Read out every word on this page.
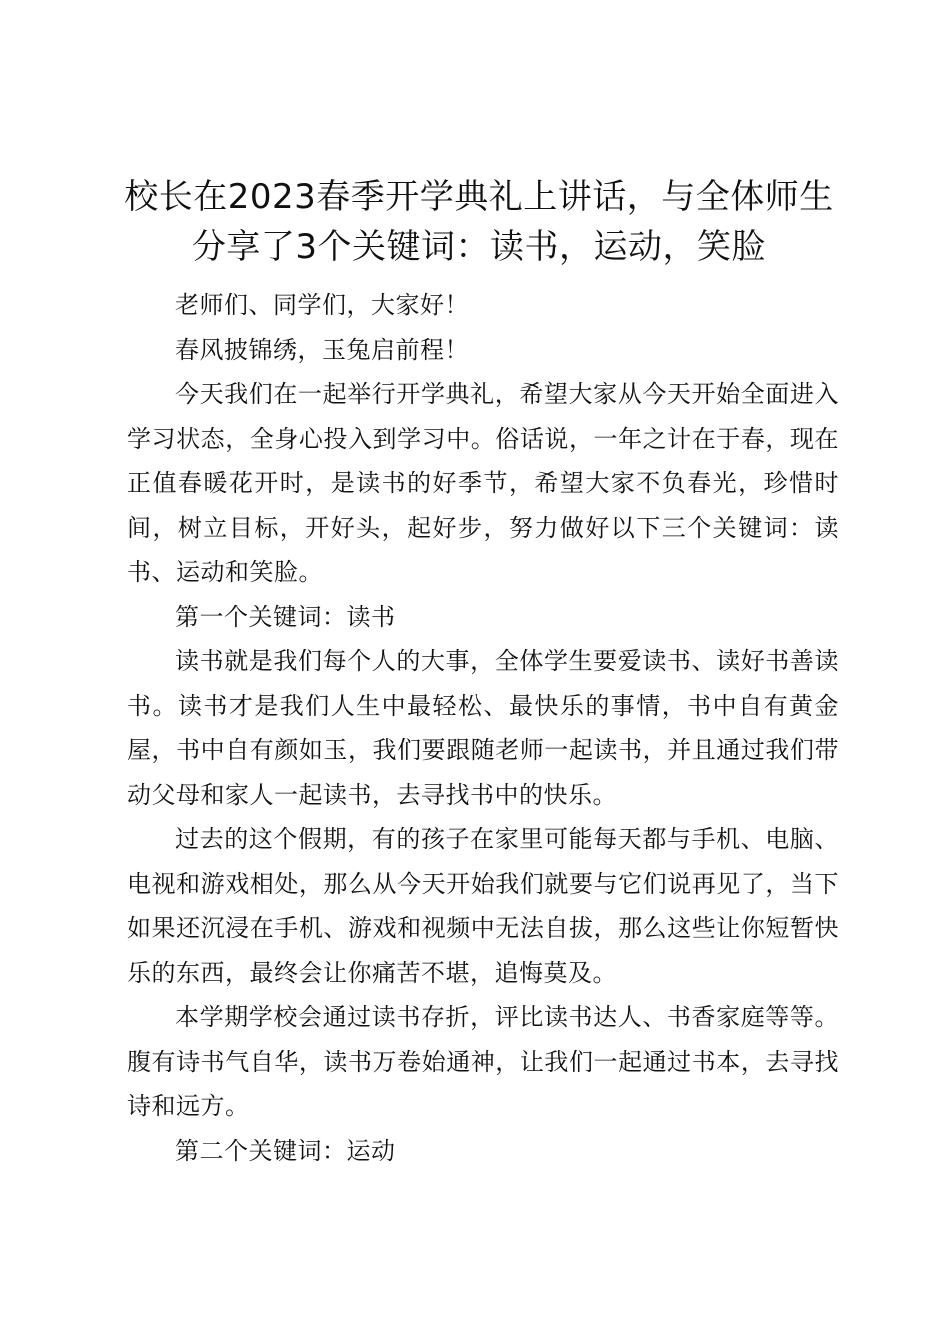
校长在2023春季开学典礼上讲话，与全体师生分享了3个关键词：读书，运动，笑脸

老师们、同学们，大家好！

春风披锦绣，玉兔启前程！

今天我们在一起举行开学典礼，希望大家从今天开始全面进入学习状态，全身心投入到学习中。俗话说，一年之计在于春，现在正值春暖花开时，是读书的好季节，希望大家不负春光，珍惜时间，树立目标，开好头，起好步，努力做好以下三个关键词：读书、运动和笑脸。

第一个关键词：读书

读书就是我们每个人的大事，全体学生要爱读书、读好书善读书。读书才是我们人生中最轻松、最快乐的事情，书中自有黄金屋，书中自有颜如玉，我们要跟随老师一起读书，并且通过我们带动父母和家人一起读书，去寻找书中的快乐。

过去的这个假期，有的孩子在家里可能每天都与手机、电脑、电视和游戏相处，那么从今天开始我们就要与它们说再见了，当下如果还沉浸在手机、游戏和视频中无法自拔，那么这些让你短暂快乐的东西，最终会让你痛苦不堪，追悔莫及。

本学期学校会通过读书存折，评比读书达人、书香家庭等等。腹有诗书气自华，读书万卷始通神，让我们一起通过书本，去寻找诗和远方。

第二个关键词：运动
